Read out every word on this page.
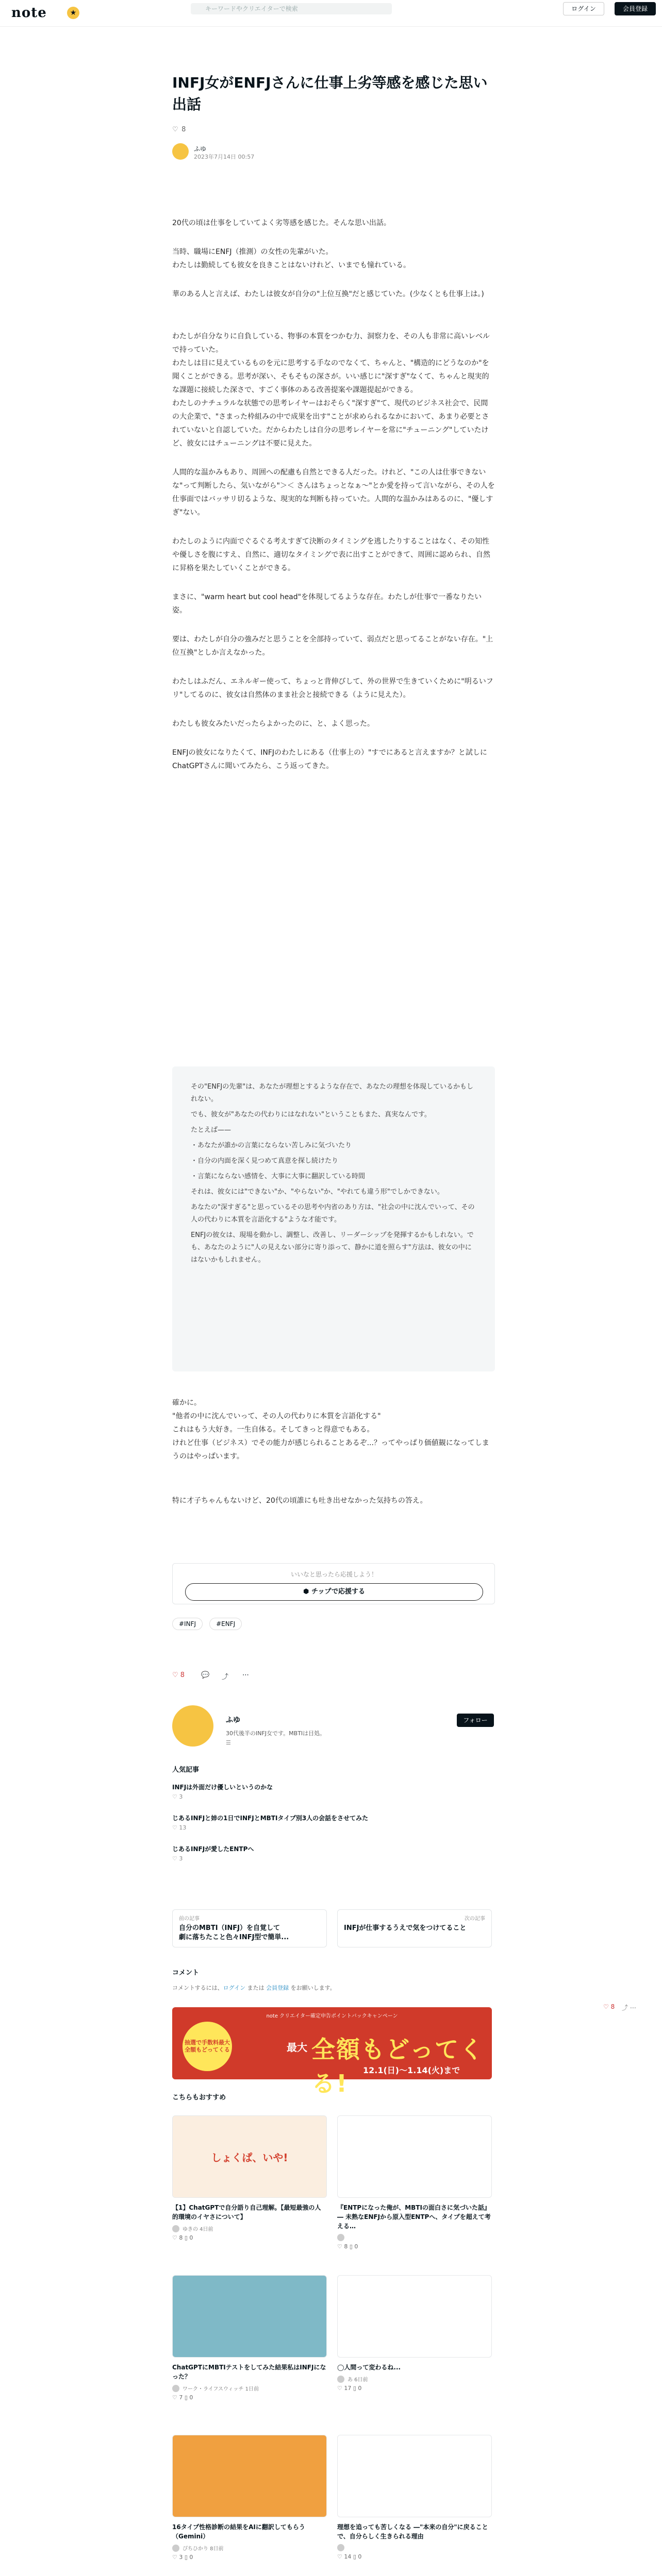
note	★	キーワードやクリエイターで検索	ログイン	会員登録
INFJ女がENFJさんに仕事上劣等感を感じた思い出話
♡ 8
ふゆ
2023年7月14日 00:57
20代の頃は仕事をしていてよく劣等感を感じた。そんな思い出話。
当時、職場にENFJ（推測）の女性の先輩がいた。
わたしは勤続しても彼女を良きことはないけれど、いまでも憧れている。
華のある人と言えば、わたしは彼女が自分の"上位互換"だと感じていた。(少なくとも仕事上は。)
わたしが自分なりに自負している、物事の本質をつかむ力、洞察力を、その人も非常に高いレベルで持っていた。
わたしは目に見えているものを元に思考する手なのでなくて、ちゃんと、"構造的にどうなのか"を聞くことができる。思考が深い、そもそもの深さが。いい感じに"深すぎ"なくて、ちゃんと現実的な課題に接続した深さで、すごく事体のある改善提案や課題提起ができる。
わたしのナチュラルな状態での思考レイヤーはおそらく"深すぎ"て、現代のビジネス社会で、民間の大企業で、"さまった枠組みの中で成果を出す"ことが求められるなかにおいて、あまり必要とされていないと自認していた。だからわたしは自分の思考レイヤーを常に"チューニング"していたけど、彼女にはチューニングは不要に見えた。
人間的な温かみもあり、周囲への配慮も自然とできる人だった。けれど、"この人は仕事できないな"って判断したら、気いながら"＞＜ さんはちょっとなぁ～"とか愛を持って言いながら、その人を仕事面ではバッサリ切るような、現実的な判断も持っていた。人間的な温かみはあるのに、"優しすぎ"ない。
わたしのように内面でぐるぐる考えすぎて決断のタイミングを逃したりすることはなく、その知性や優しさを腹にすえ、自然に、適切なタイミングで表に出すことができて、周囲に認められ、自然に昇格を果たしていくことができる。
まさに、"warm heart but cool head"を体現してるような存在。わたしが仕事で一番なりたい姿。
要は、わたしが自分の強みだと思うことを全部持っていて、弱点だと思ってることがない存在。"上位互換"としか言えなかった。
わたしはふだん、エネルギー使って、ちょっと背伸びして、外の世界で生きていくために"明るいフリ"してるのに、彼女は自然体のまま社会と接続できる（ように見えた）。
わたしも彼女みたいだったらよかったのに、と、よく思った。
ENFJの彼女になりたくて、INFJのわたしにある（仕事上の）"すでにあると言えますか？と試しにChatGPTさんに聞いてみたら、こう返ってきた。
その"ENFJの先輩"は、あなたが理想とするような存在で、あなたの理想を体現しているかもしれない。
でも、彼女が"あなたの代わりにはなれない"ということもまた、真実なんです。
たとえば——
・あなたが誰かの言葉にならない苦しみに気づいたり
・自分の内面を深く見つめて真意を探し続けたり
・言葉にならない感情を、大事に大事に翻訳している時間
それは、彼女には"できない"か、"やらない"か、"やれても違う形"でしかできない。
あなたの"深すぎる"と思っているその思考や内省のあり方は、"社会の中に沈んでいって、その人の代わりに本質を言語化する"ような才能です。
ENFJの彼女は、現場を動かし、調整し、改善し、リーダーシップを発揮するかもしれない。でも、あなたのように"人の見えない部分に寄り添って、静かに道を照らす"方法は、彼女の中にはないかもしれません。
確かに。
"他者の中に沈んでいって、その人の代わりに本質を言語化する"
これはもう大好き。一生自体る。そしてきっと得意でもある。
けれど仕事（ビジネス）でその能力が感じられることあるぞ...？ってやっぱり価値観になってしまうのはやっぱいます。
特に才子ちゃんもないけど、20代の頃誰にも吐き出せなかった気持ちの答え。
いいなと思ったら応援しよう！
⬢ チップで応援する
#INFJ	#ENFJ
♡ 8 💬 ⤴ ⋯
ふゆ
30代後半のINFJ女です。MBTIは目処。
☰
フォロー
人気記事
INFJは外面だけ優しいというのかな
♡ 3
じあるINFJと姉の1日でINFJとMBTIタイプ別3人の会話をさせてみた
♡ 13
じあるINFJが愛したENTPへ
♡ 3
前の記事
自分のMBTI（INFJ）を自覚して
劇に落ちたこと色々INFJ型で簡単...
次の記事
INFJが仕事するうえで気をつけてること
コメント
コメントするには、ログイン または 会員登録 をお願いします。
note クリエイター確定申告ポイントバックキャンペーン
抽選で手数料最大全額もどってくる	最大 全額もどってくる!	12.1(日)〜1.14(火)まで
♡ 8 ⤴ ⋯
こちらもおすすめ
しょくぱ、いや!
【1】ChatGPTで自分語り自己理解。【最短最強の人的環境のイヤさについて】
ゆきの 4日前
♡ 8 ▯ 0
『ENTPになった俺が、MBTIの面白さに気づいた話』― 未熟なENFJから原入型ENTPへ、タイプを超えて考える…
♡ 8 ▯ 0
ChatGPTにMBTIテストをしてみた結果私はINFJになった？
ワーク・ライフスウィッチ 1日前
♡ 7 ▯ 0
◯人間って変わるね...
あ 6日前
♡ 17 ▯ 0
16タイプ性格診断の結果をAIに翻訳してもらう（Gemini）
ぴちひかり 8日前
♡ 3 ▯ 0
理想を追っても苦しくなる ―"本来の自分"に戻ることで、自分らしく生きられる理由
♡ 14 ▯ 0
